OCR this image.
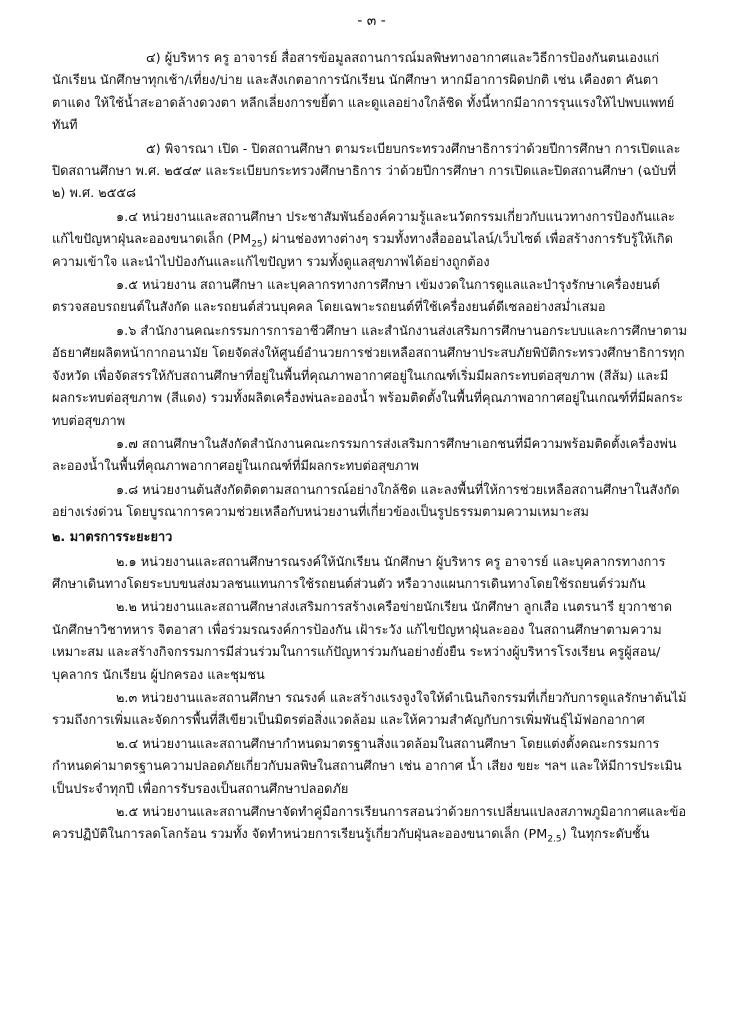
- ๓ -

๔) ผู้บริหาร ครู อาจารย์ สื่อสารข้อมูลสถานการณ์มลพิษทางอากาศและวิธีการป้องกันตนเองแก่นักเรียน นักศึกษาทุกเช้า/เที่ยง/บ่าย และสังเกตอาการนักเรียน นักศึกษา หากมีอาการผิดปกติ เช่น เคืองตา คันตา ตาแดง ให้ใช้น้ำสะอาดล้างดวงตา หลีกเลี่ยงการขยี้ตา และดูแลอย่างใกล้ชิด ทั้งนี้หากมีอาการรุนแรงให้ไปพบแพทย์ทันที

๕) พิจารณา เปิด - ปิดสถานศึกษา ตามระเบียบกระทรวงศึกษาธิการว่าด้วยปีการศึกษา การเปิดและปิดสถานศึกษา พ.ศ. ๒๕๔๙ และระเบียบกระทรวงศึกษาธิการ ว่าด้วยปีการศึกษา การเปิดและปิดสถานศึกษา (ฉบับที่ ๒) พ.ศ. ๒๕๕๘

๑.๔ หน่วยงานและสถานศึกษา ประชาสัมพันธ์องค์ความรู้และนวัตกรรมเกี่ยวกับแนวทางการป้องกันและแก้ไขปัญหาฝุ่นละอองขนาดเล็ก $(PM_{25})$ ผ่านช่องทางต่างๆ รวมทั้งทางสื่อออนไลน์/เว็บไซต์ เพื่อสร้างการรับรู้ให้เกิดความเข้าใจ และนำไปป้องกันและแก้ไขปัญหา รวมทั้งดูแลสุขภาพได้อย่างถูกต้อง

๑.๕ หน่วยงาน สถานศึกษา และบุคลากรทางการศึกษา เข้มงวดในการดูแลและบำรุงรักษาเครื่องยนต์ ตรวจสอบรถยนต์ในสังกัด และรถยนต์ส่วนบุคคล โดยเฉพาะรถยนต์ที่ใช้เครื่องยนต์ดีเซลอย่างสม่ำเสมอ

๑.๖ สำนักงานคณะกรรมการการอาชีวศึกษา และสำนักงานส่งเสริมการศึกษานอกระบบและการศึกษาตามอัธยาศัยผลิตหน้ากากอนามัย โดยจัดส่งให้ศูนย์อำนวยการช่วยเหลือสถานศึกษาประสบภัยพิบัติกระทรวงศึกษาธิการทุกจังหวัด เพื่อจัดสรรให้กับสถานศึกษาที่อยู่ในพื้นที่คุณภาพอากาศอยู่ในเกณฑ์เริ่มมีผลกระทบต่อสุขภาพ (สีส้ม) และมีผลกระทบต่อสุขภาพ (สีแดง) รวมทั้งผลิตเครื่องพ่นละอองน้ำ พร้อมติดตั้งในพื้นที่คุณภาพอากาศอยู่ในเกณฑ์ที่มีผลกระทบต่อสุขภาพ

๑.๗ สถานศึกษาในสังกัดสำนักงานคณะกรรมการส่งเสริมการศึกษาเอกชนที่มีความพร้อมติดตั้งเครื่องพ่นละอองน้ำในพื้นที่คุณภาพอากาศอยู่ในเกณฑ์ที่มีผลกระทบต่อสุขภาพ

๑.๘ หน่วยงานต้นสังกัดติดตามสถานการณ์อย่างใกล้ชิด และลงพื้นที่ให้การช่วยเหลือสถานศึกษาในสังกัดอย่างเร่งด่วน โดยบูรณาการความช่วยเหลือกับหน่วยงานที่เกี่ยวข้องเป็นรูปธรรมตามความเหมาะสม

๒. มาตรการระยะยาว

๒.๑ หน่วยงานและสถานศึกษารณรงค์ให้นักเรียน นักศึกษา ผู้บริหาร ครู อาจารย์ และบุคลากรทางการศึกษาเดินทางโดยระบบขนส่งมวลชนแทนการใช้รถยนต์ส่วนตัว หรือวางแผนการเดินทางโดยใช้รถยนต์ร่วมกัน

๒.๒ หน่วยงานและสถานศึกษาส่งเสริมการสร้างเครือข่ายนักเรียน นักศึกษา ลูกเสือ เนตรนารี ยุวกาชาด นักศึกษาวิชาทหาร จิตอาสา เพื่อร่วมรณรงค์การป้องกัน เฝ้าระวัง แก้ไขปัญหาฝุ่นละออง ในสถานศึกษาตามความเหมาะสม และสร้างกิจกรรมการมีส่วนร่วมในการแก้ปัญหาร่วมกันอย่างยั่งยืน ระหว่างผู้บริหารโรงเรียน ครูผู้สอน/บุคลากร นักเรียน ผู้ปกครอง และชุมชน

๒.๓ หน่วยงานและสถานศึกษา รณรงค์ และสร้างแรงจูงใจให้ดำเนินกิจกรรมที่เกี่ยวกับการดูแลรักษาต้นไม้ รวมถึงการเพิ่มและจัดการพื้นที่สีเขียวเป็นมิตรต่อสิ่งแวดล้อม และให้ความสำคัญกับการเพิ่มพันธุ์ไม้ฟอกอากาศ

๒.๔ หน่วยงานและสถานศึกษากำหนดมาตรฐานสิ่งแวดล้อมในสถานศึกษา โดยแต่งตั้งคณะกรรมการกำหนดค่ามาตรฐานความปลอดภัยเกี่ยวกับมลพิษในสถานศึกษา เช่น อากาศ น้ำ เสียง ขยะ ฯลฯ และให้มีการประเมินเป็นประจำทุกปี เพื่อการรับรองเป็นสถานศึกษาปลอดภัย

๒.๕ หน่วยงานและสถานศึกษาจัดทำคู่มือการเรียนการสอนว่าด้วยการเปลี่ยนแปลงสภาพภูมิอากาศและข้อควรปฏิบัติในการลดโลกร้อน รวมทั้ง จัดทำหน่วยการเรียนรู้เกี่ยวกับฝุ่นละอองขนาดเล็ก $(PM_{2.5})$ ในทุกระดับชั้น
